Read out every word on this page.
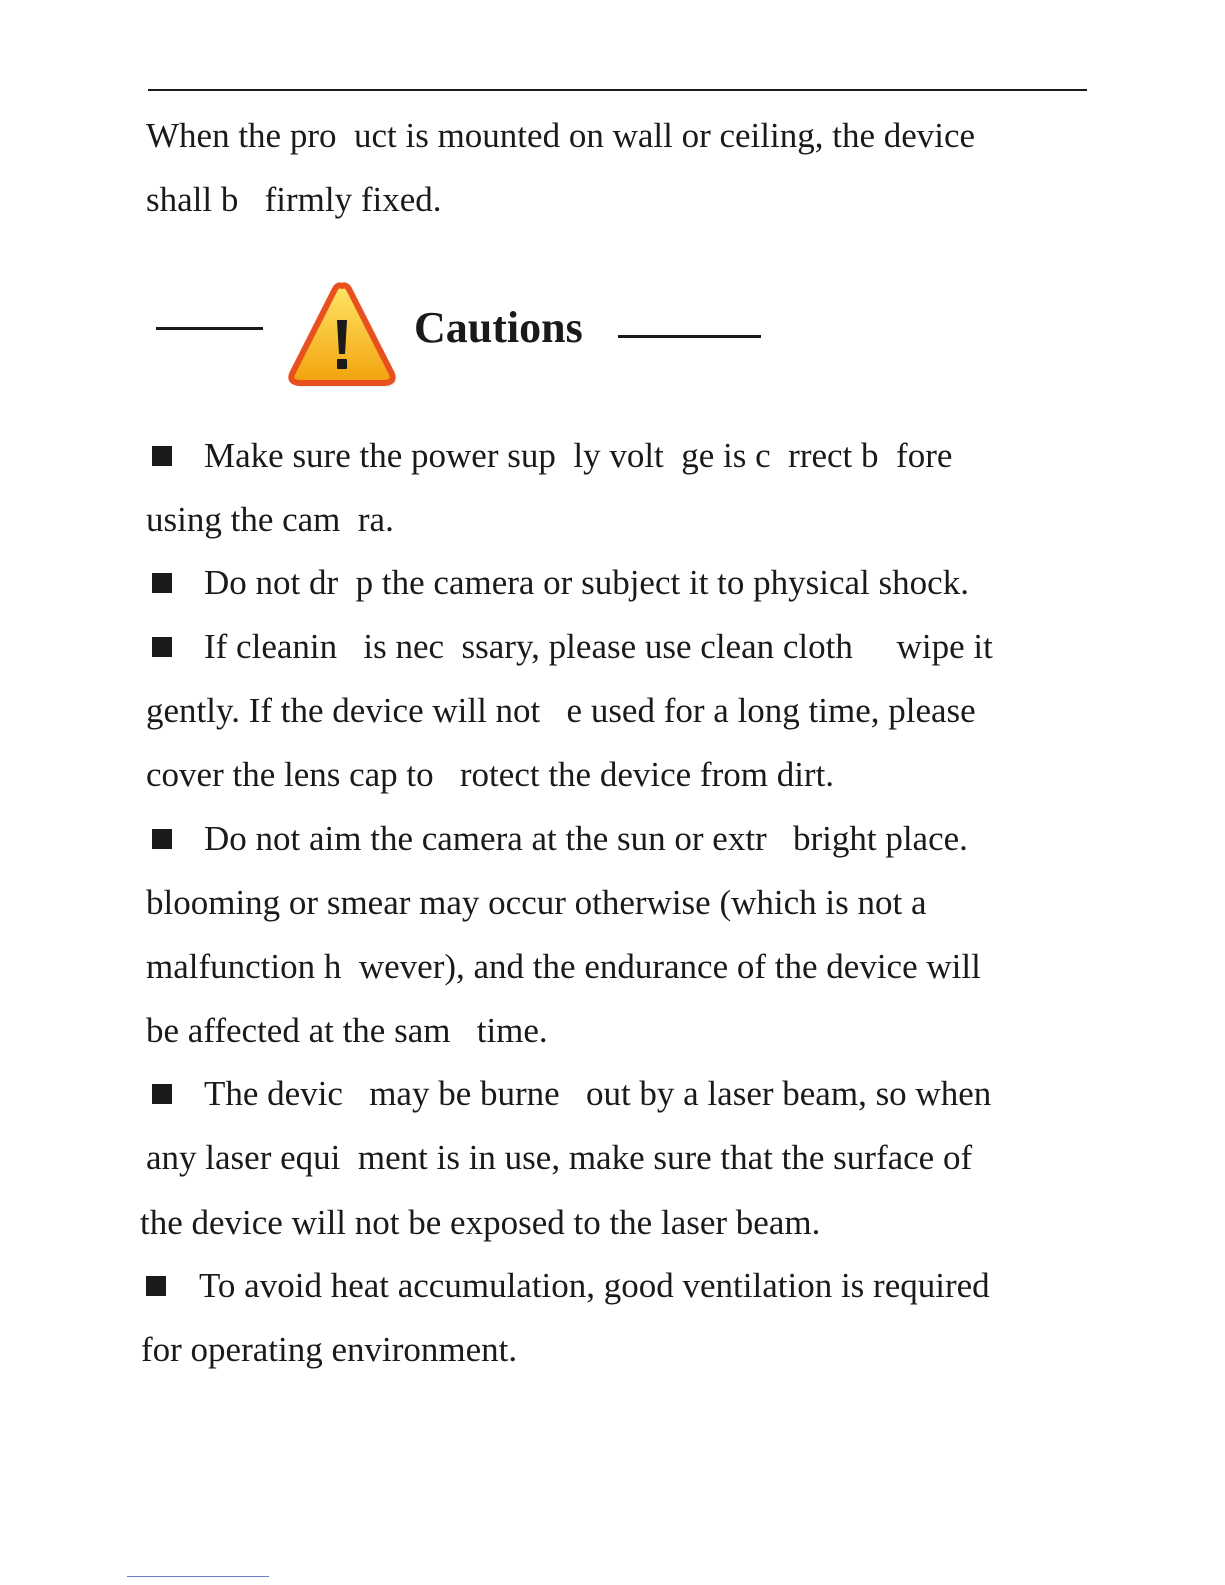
When the pro  uct is mounted on wall or ceiling, the device
shall b   firmly fixed.
Cautions
Make sure the power sup  ly volt  ge is c  rrect b  fore
using the cam  ra.
Do not dr  p the camera or subject it to physical shock.
If cleanin   is nec  ssary, please use clean cloth     wipe it
gently. If the device will not   e used for a long time, please
cover the lens cap to   rotect the device from dirt.
Do not aim the camera at the sun or extr   bright place.
blooming or smear may occur otherwise (which is not a
malfunction h  wever), and the endurance of the device will
be affected at the sam   time.
The devic   may be burne   out by a laser beam, so when
any laser equi  ment is in use, make sure that the surface of
the device will not be exposed to the laser beam.
To avoid heat accumulation, good ventilation is required
for operating environment.
